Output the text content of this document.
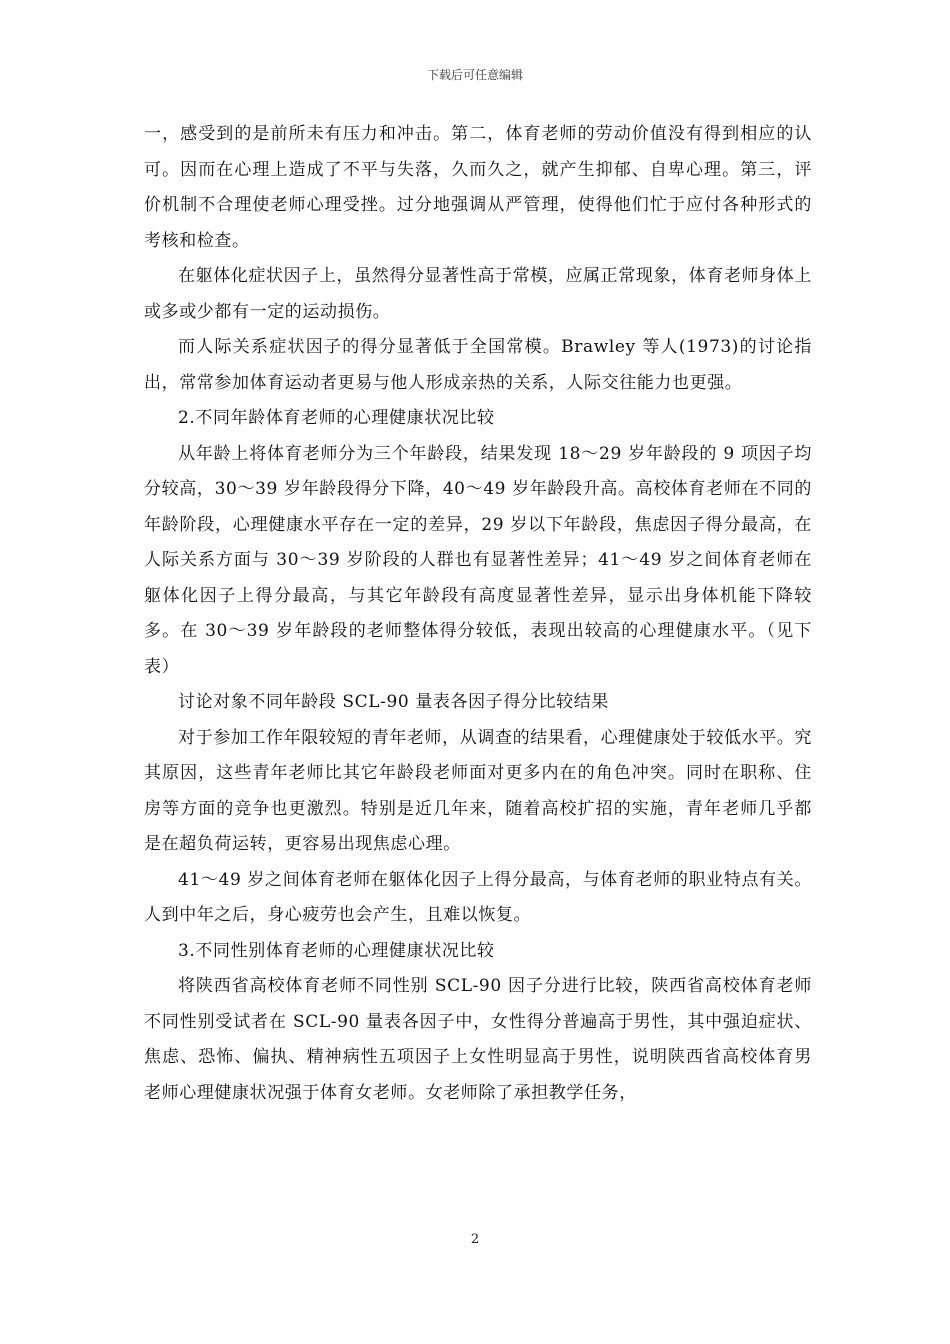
下载后可任意编辑

一，感受到的是前所未有压力和冲击。第二，体育老师的劳动价值没有得到相应的认可。因而在心理上造成了不平与失落，久而久之，就产生抑郁、自卑心理。第三，评价机制不合理使老师心理受挫。过分地强调从严管理，使得他们忙于应付各种形式的考核和检查。

在躯体化症状因子上，虽然得分显著性高于常模，应属正常现象，体育老师身体上或多或少都有一定的运动损伤。

而人际关系症状因子的得分显著低于全国常模。Brawley 等人(1973)的讨论指出，常常参加体育运动者更易与他人形成亲热的关系，人际交往能力也更强。

2.不同年龄体育老师的心理健康状况比较

从年龄上将体育老师分为三个年龄段，结果发现 18～29 岁年龄段的 9 项因子均分较高，30～39 岁年龄段得分下降，40～49 岁年龄段升高。高校体育老师在不同的年龄阶段，心理健康水平存在一定的差异，29 岁以下年龄段，焦虑因子得分最高，在人际关系方面与 30～39 岁阶段的人群也有显著性差异；41～49 岁之间体育老师在躯体化因子上得分最高，与其它年龄段有高度显著性差异，显示出身体机能下降较多。在 30～39 岁年龄段的老师整体得分较低，表现出较高的心理健康水平。（见下表）

讨论对象不同年龄段 SCL-90 量表各因子得分比较结果

对于参加工作年限较短的青年老师，从调查的结果看，心理健康处于较低水平。究其原因，这些青年老师比其它年龄段老师面对更多内在的角色冲突。同时在职称、住房等方面的竞争也更激烈。特别是近几年来，随着高校扩招的实施，青年老师几乎都是在超负荷运转，更容易出现焦虑心理。

41～49 岁之间体育老师在躯体化因子上得分最高，与体育老师的职业特点有关。人到中年之后，身心疲劳也会产生，且难以恢复。

3.不同性别体育老师的心理健康状况比较

将陕西省高校体育老师不同性别 SCL-90 因子分进行比较，陕西省高校体育老师不同性别受试者在 SCL-90 量表各因子中，女性得分普遍高于男性，其中强迫症状、焦虑、恐怖、偏执、精神病性五项因子上女性明显高于男性，说明陕西省高校体育男老师心理健康状况强于体育女老师。女老师除了承担教学任务，

2
